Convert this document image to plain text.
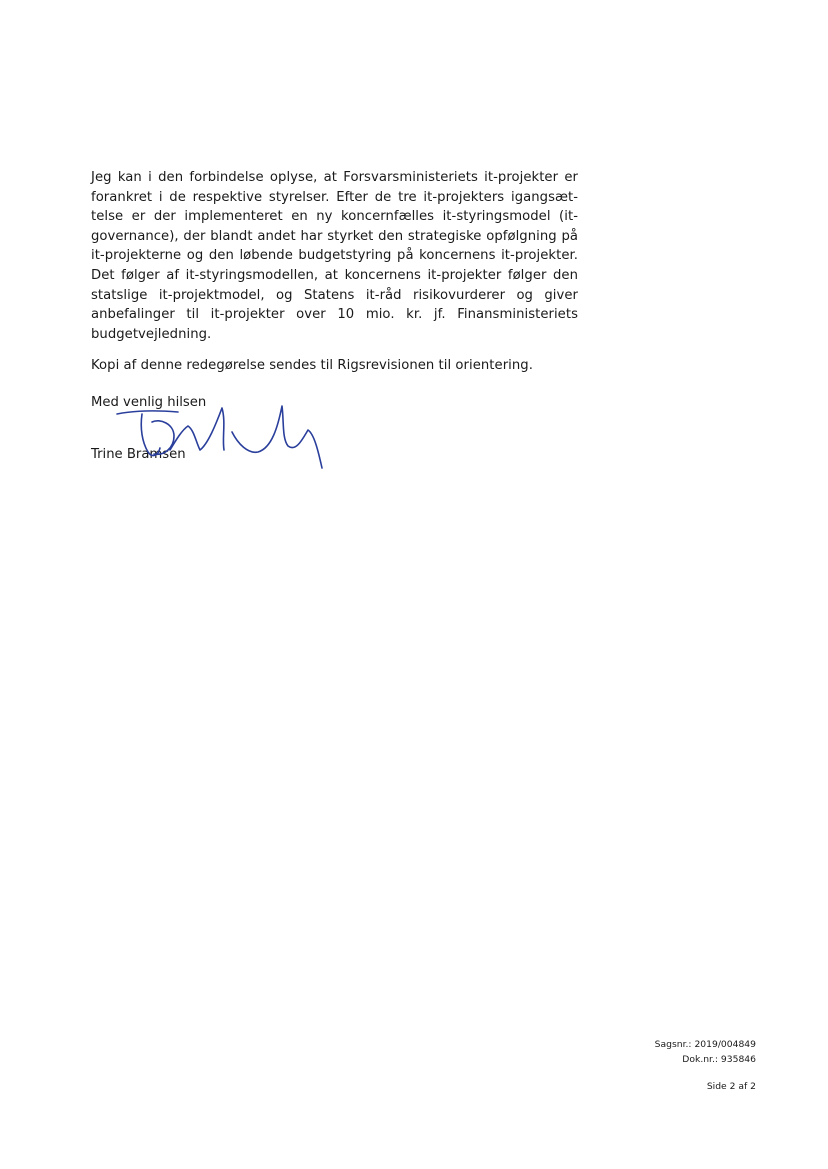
Jeg kan i den forbindelse oplyse, at Forsvarsministeriets it-projekter er forankret i de respektive styrelser. Efter de tre it-projekters igangsættelse er der implementeret en ny koncernfælles it-styringsmodel (it-governance), der blandt andet har styrket den strategiske opfølgning på it-projekterne og den løbende budgetstyring på koncernens it-projekter. Det følger af it-styringsmodellen, at koncernens it-projekter følger den statslige it-projektmodel, og Statens it-råd risikovurderer og giver anbefalinger til it-projekter over 10 mio. kr. jf. Finansministeriets budgetvejledning.

Kopi af denne redegørelse sendes til Rigsrevisionen til orientering.

Med venlig hilsen
Trine Bramsen
Sagsnr.: 2019/004849
Dok.nr.: 935846
Side 2 af 2
